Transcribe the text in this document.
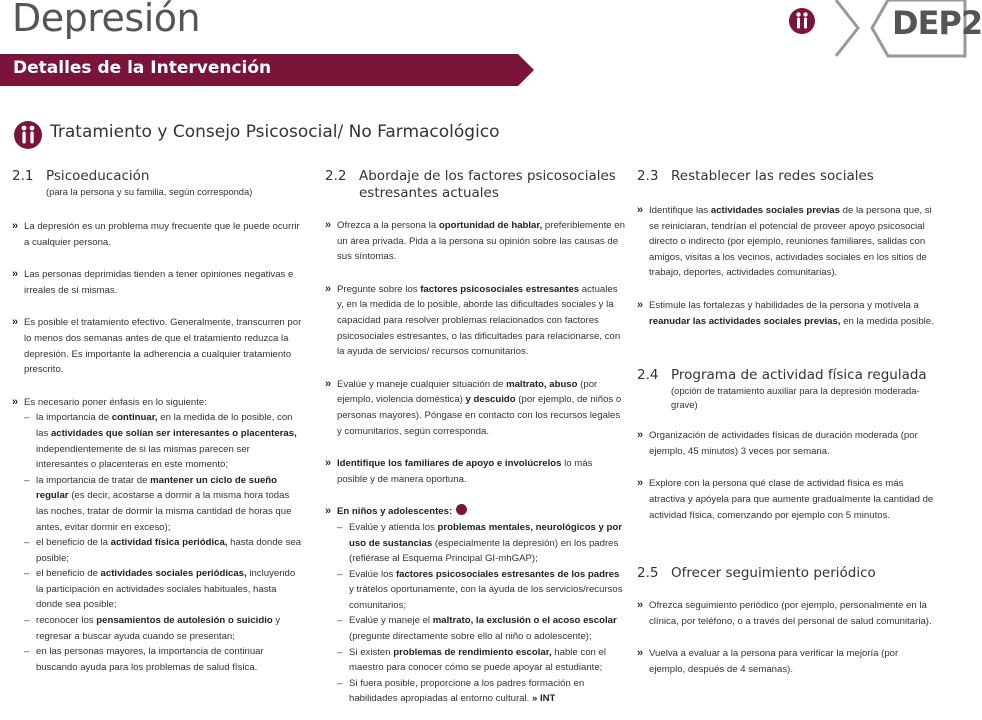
Depresión	DEP2
Detalles de la Intervención
Tratamiento y Consejo Psicosocial/ No Farmacológico
2.1 Psicoeducación
(para la persona y su familia, según corresponda)
» La depresión es un problema muy frecuente que le puede ocurrir a cualquier persona.
» Las personas deprimidas tienden a tener opiniones negativas e irreales de sí mismas.
» Es posible el tratamiento efectivo. Generalmente, transcurren por lo menos dos semanas antes de que el tratamiento reduzca la depresión. Es importante la adherencia a cualquier tratamiento prescrito.
» Es necesario poner énfasis en lo siguiente:
– la importancia de continuar, en la medida de lo posible, con las actividades que solían ser interesantes o placenteras, independientemente de si las mismas parecen ser interesantes o placenteras en este momento;
– la importancia de tratar de mantener un ciclo de sueño regular (es decir, acostarse a dormir a la misma hora todas las noches, tratar de dormir la misma cantidad de horas que antes, evitar dormir en exceso);
– el beneficio de la actividad física periódica, hasta donde sea posible;
– el beneficio de actividades sociales periódicas, incluyendo la participación en actividades sociales habituales, hasta donde sea posible;
– reconocer los pensamientos de autolesión o suicidio y regresar a buscar ayuda cuando se presentan;
– en las personas mayores, la importancia de continuar buscando ayuda para los problemas de salud física.
2.2 Abordaje de los factores psicosociales estresantes actuales
» Ofrezca a la persona la oportunidad de hablar, preferiblemente en un área privada. Pida a la persona su opinión sobre las causas de sus síntomas.
» Pregunte sobre los factores psicosociales estresantes actuales y, en la medida de lo posible, aborde las dificultades sociales y la capacidad para resolver problemas relacionados con factores psicosociales estresantes, o las dificultades para relacionarse, con la ayuda de servicios/ recursos comunitarios.
» Evalúe y maneje cualquier situación de maltrato, abuso (por ejemplo, violencia doméstica) y descuido (por ejemplo, de niños o personas mayores). Póngase en contacto con los recursos legales y comunitarios, según corresponda.
» Identifique los familiares de apoyo e involúcrelos lo más posible y de manera oportuna.
» En niños y adolescentes:
– Evalúe y atienda los problemas mentales, neurológicos y por uso de sustancias (especialmente la depresión) en los padres (refiérase al Esquema Principal GI-mhGAP);
– Evalúe los factores psicosociales estresantes de los padres y trátelos oportunamente, con la ayuda de los servicios/recursos comunitarios;
– Evalúe y maneje el maltrato, la exclusión o el acoso escolar (pregunte directamente sobre ello al niño o adolescente);
– Si existen problemas de rendimiento escolar, hable con el maestro para conocer cómo se puede apoyar al estudiante;
– Si fuera posible, proporcione a los padres formación en habilidades apropiadas al entorno cultural. » INT
2.3 Restablecer las redes sociales
» Identifique las actividades sociales previas de la persona que, si se reiniciaran, tendrían el potencial de proveer apoyo psicosocial directo o indirecto (por ejemplo, reuniones familiares, salidas con amigos, visitas a los vecinos, actividades sociales en los sitios de trabajo, deportes, actividades comunitarias).
» Estimule las fortalezas y habilidades de la persona y motívela a reanudar las actividades sociales previas, en la medida posible.
2.4 Programa de actividad física regulada
(opción de tratamiento auxiliar para la depresión moderada-grave)
» Organización de actividades físicas de duración moderada (por ejemplo, 45 minutos) 3 veces por semana.
» Explore con la persona qué clase de actividad física es más atractiva y apóyela para que aumente gradualmente la cantidad de actividad física, comenzando por ejemplo con 5 minutos.
2.5 Ofrecer seguimiento periódico
» Ofrezca seguimiento periódico (por ejemplo, personalmente en la clínica, por teléfono, o a través del personal de salud comunitaria).
» Vuelva a evaluar a la persona para verificar la mejoría (por ejemplo, después de 4 semanas).
